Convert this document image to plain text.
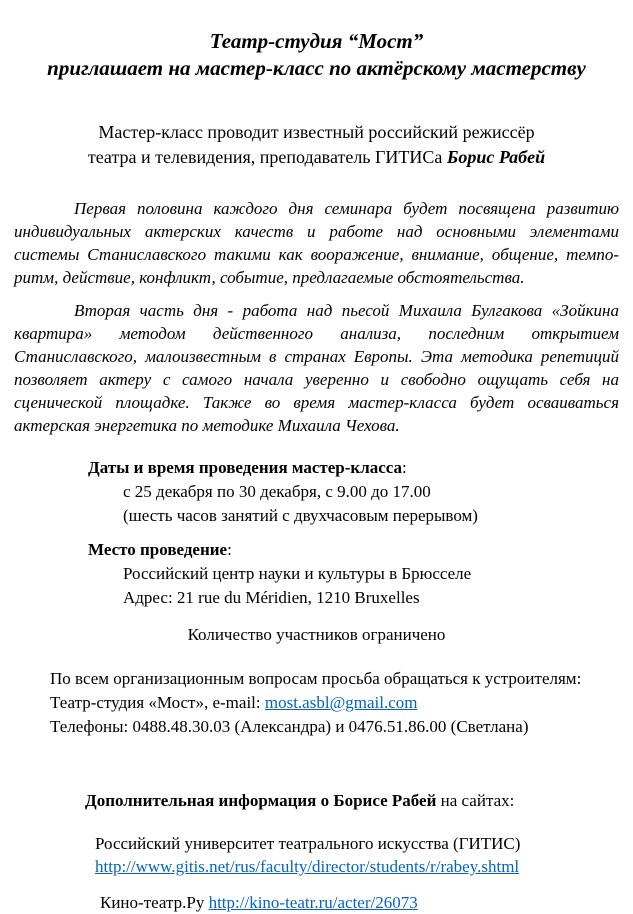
Театр-студия “Мост”
приглашает на мастер-класс по актёрскому мастерству
Мастер-класс проводит известный российский режиссёр
театра и телевидения, преподаватель ГИТИСа Борис Рабей

Первая половина каждого дня семинара будет посвящена развитию индивидуальных актерских качеств и работе над основными элементами системы Станиславского такими как вооражение, внимание, общение, темпо-ритм, действие, конфликт, событие, предлагаемые обстоятельства.

Вторая часть дня - работа над пьесой Михаила Булгакова «Зойкина квартира» методом действенного анализа, последним открытием Станиславского, малоизвестным в странах Европы. Эта методика репетиций позволяет актеру с самого начала уверенно и свободно ощущать себя на сценической площадке. Также во время мастер-класса будет осваиваться актерская энергетика по методике Михаила Чехова.

Даты и время проведения мастер-класса:
с 25 декабря по 30 декабря, с 9.00 до 17.00
(шесть часов занятий с двухчасовым перерывом)
Место проведение:
Российский центр науки и культуры в Брюсселе
Адрес: 21 rue du Méridien, 1210 Bruxelles
Количество участников ограничено
По всем организационным вопросам просьба обращаться к устроителям:
Театр-студия «Мост», e-mail: most.asbl@gmail.com
Телефоны: 0488.48.30.03 (Александра) и 0476.51.86.00 (Светлана)
Дополнительная информация о Борисе Рабей на сайтах:
Российский университет театрального искусства (ГИТИС)
http://www.gitis.net/rus/faculty/director/students/r/rabey.shtml
Кино-театр.Ру http://kino-teatr.ru/acter/26073
